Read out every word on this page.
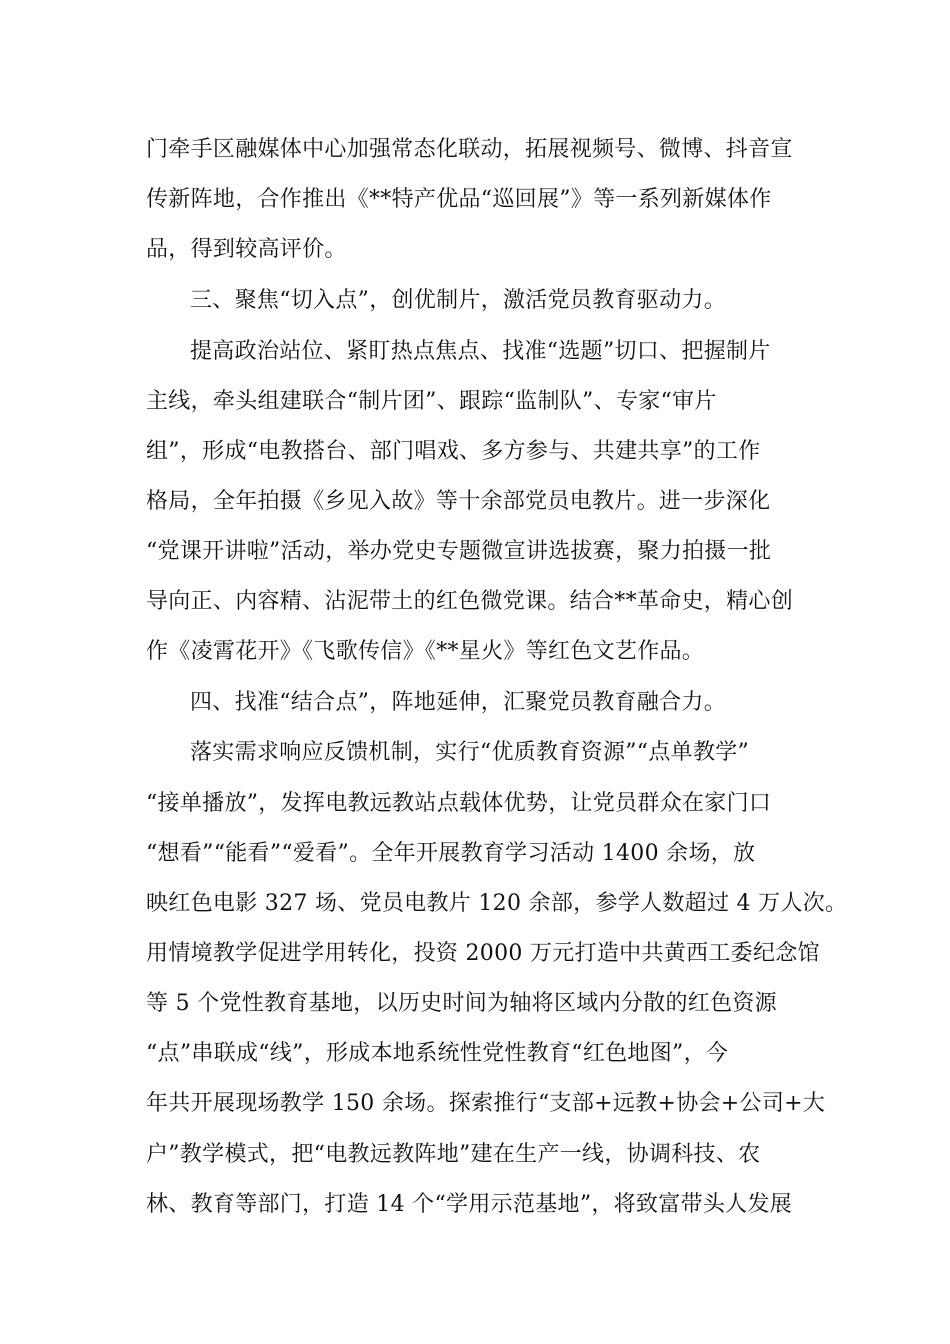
门牵手区融媒体中心加强常态化联动，拓展视频号、微博、抖音宣
传新阵地，合作推出《**特产优品“巡回展”》等一系列新媒体作
品，得到较高评价。
三、聚焦“切入点”，创优制片，激活党员教育驱动力。
提高政治站位、紧盯热点焦点、找准“选题”切口、把握制片
主线，牵头组建联合“制片团”、跟踪“监制队”、专家“审片
组”，形成“电教搭台、部门唱戏、多方参与、共建共享”的工作
格局，全年拍摄《乡见入故》等十余部党员电教片。进一步深化
“党课开讲啦”活动，举办党史专题微宣讲选拔赛，聚力拍摄一批
导向正、内容精、沾泥带土的红色微党课。结合**革命史，精心创
作《凌霄花开》《飞歌传信》《**星火》等红色文艺作品。
四、找准“结合点”，阵地延伸，汇聚党员教育融合力。
落实需求响应反馈机制，实行“优质教育资源”“点单教学”
“接单播放”，发挥电教远教站点载体优势，让党员群众在家门口
“想看”“能看”“爱看”。全年开展教育学习活动 1400 余场，放
映红色电影 327 场、党员电教片 120 余部，参学人数超过 4 万人次。
用情境教学促进学用转化，投资 2000 万元打造中共黄西工委纪念馆
等 5 个党性教育基地，以历史时间为轴将区域内分散的红色资源
“点”串联成“线”，形成本地系统性党性教育“红色地图”，今
年共开展现场教学 150 余场。探索推行“支部+远教+协会+公司+大
户”教学模式，把“电教远教阵地”建在生产一线，协调科技、农
林、教育等部门，打造 14 个“学用示范基地”，将致富带头人发展
